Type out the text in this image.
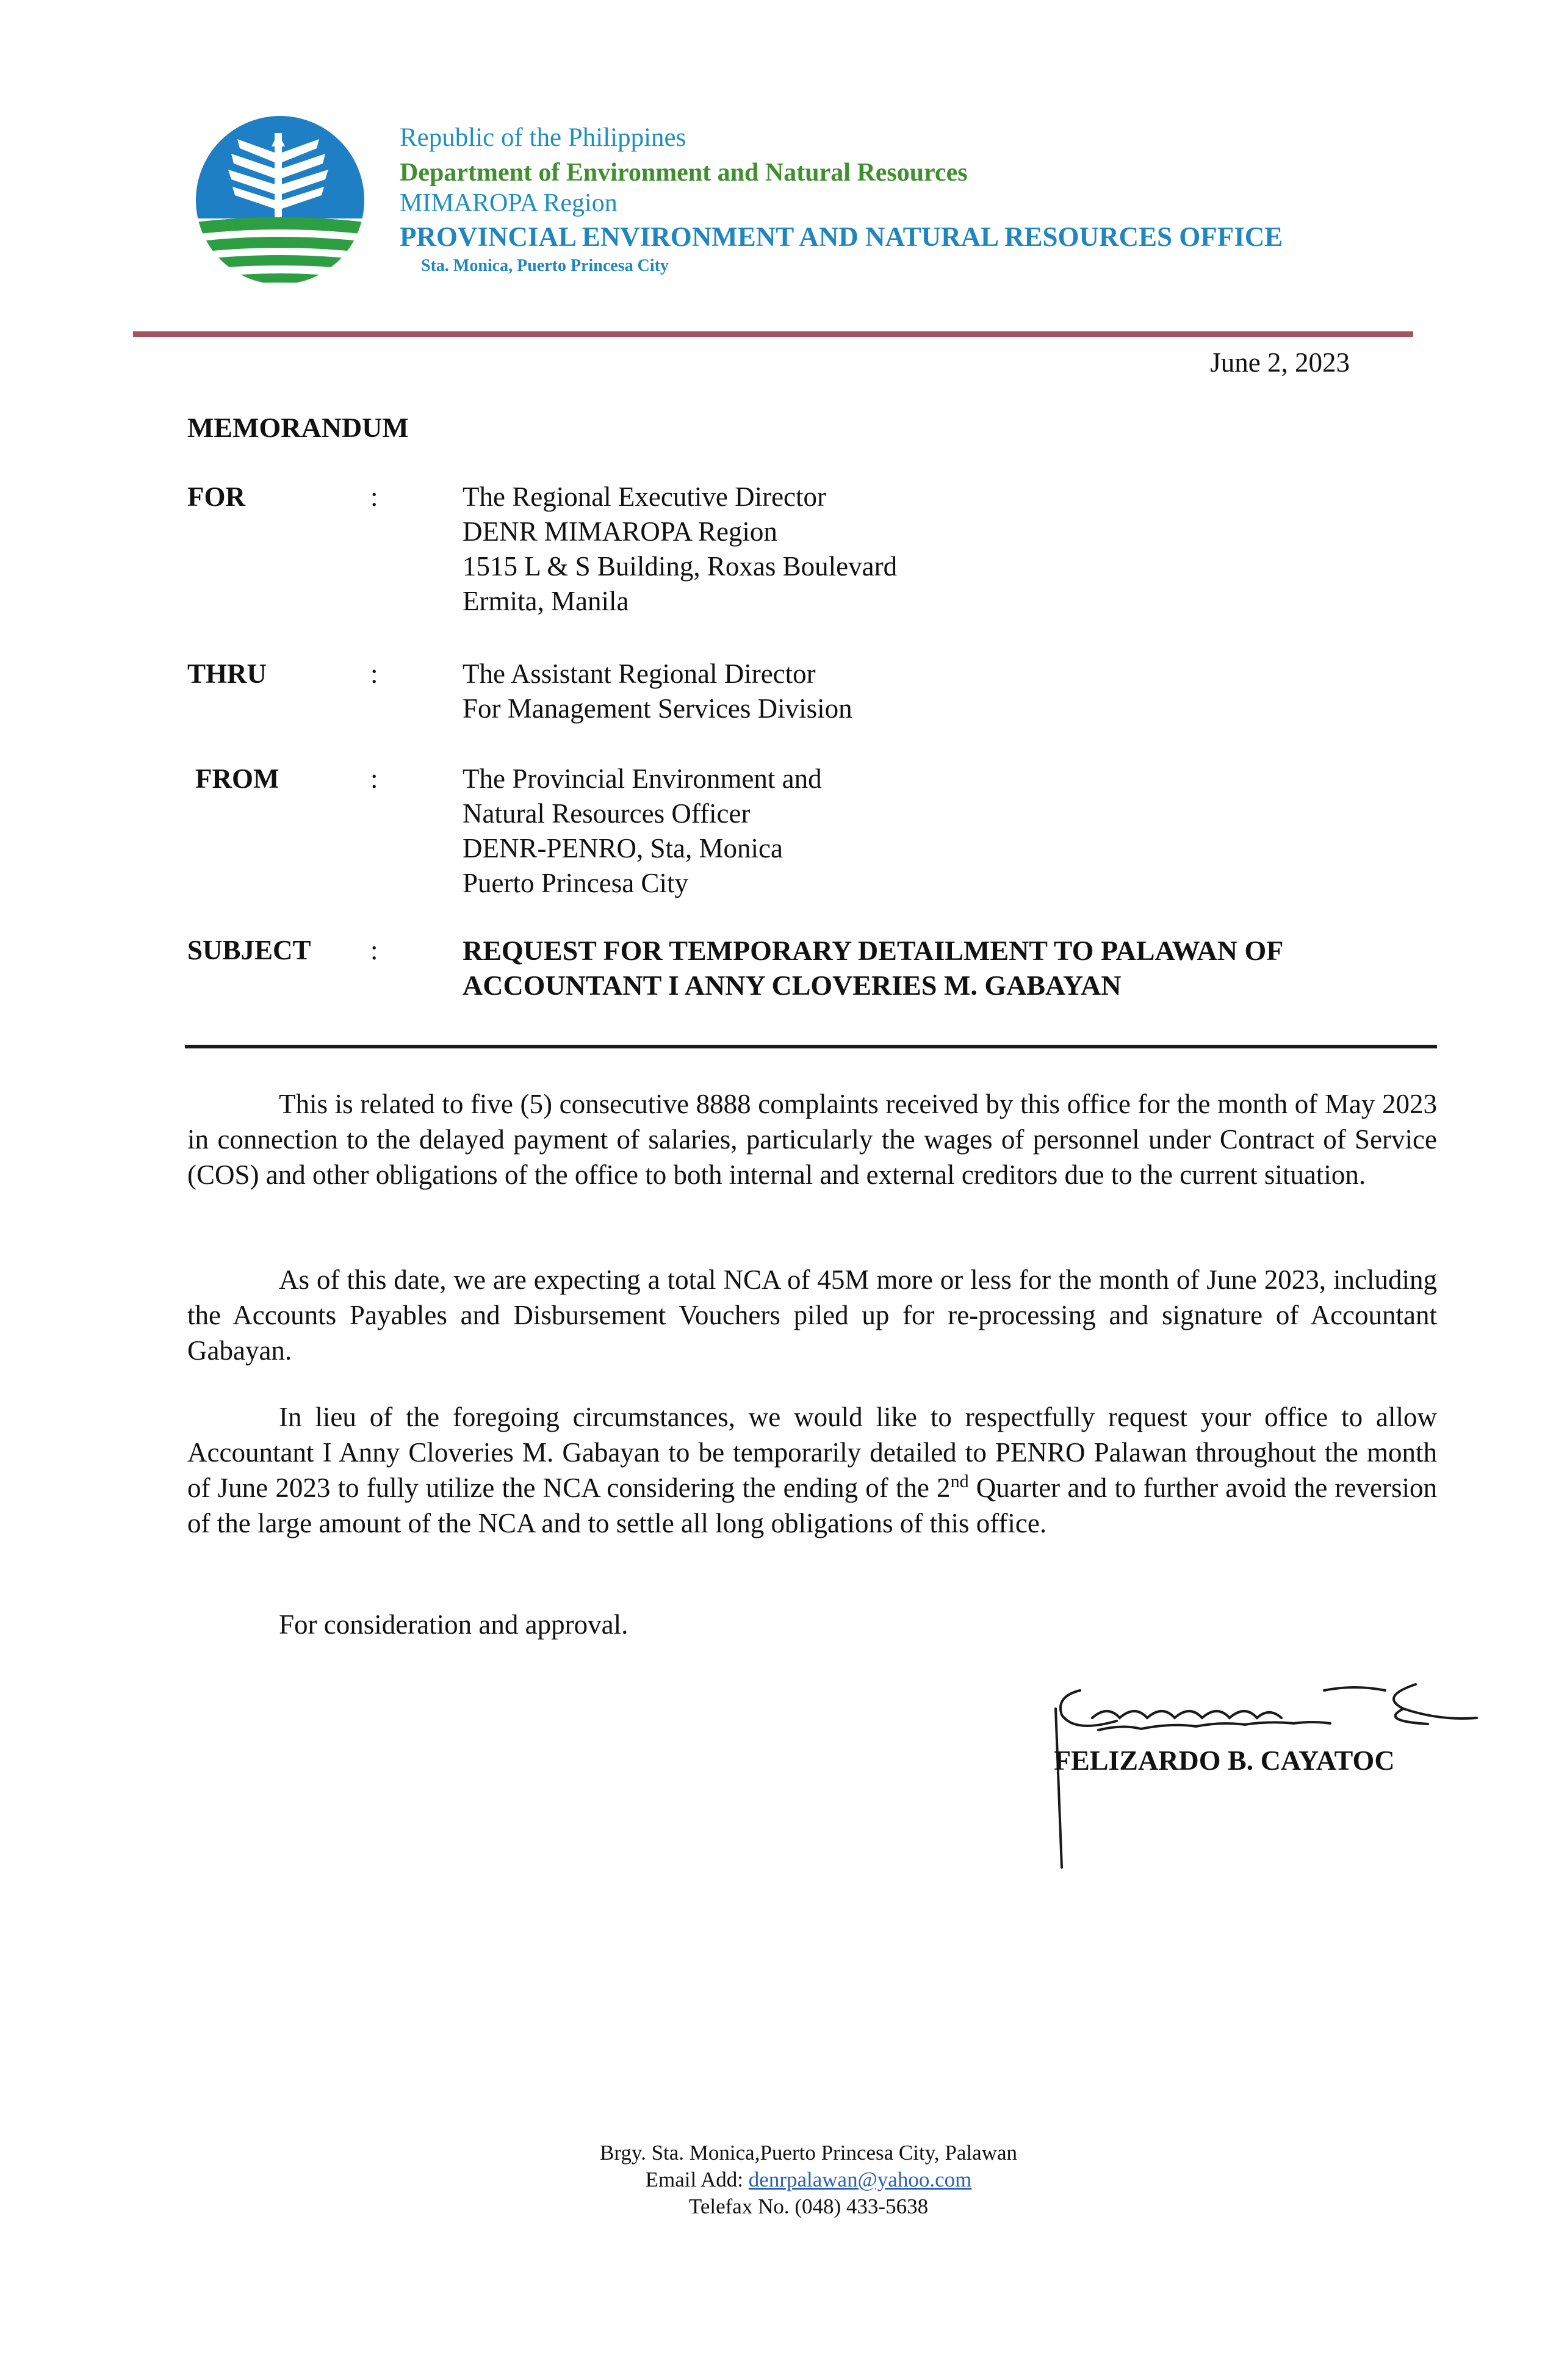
Republic of the Philippines
Department of Environment and Natural Resources
MIMAROPA Region
PROVINCIAL ENVIRONMENT AND NATURAL RESOURCES OFFICE
Sta. Monica, Puerto Princesa City
June 2, 2023
MEMORANDUM
FOR	:	The Regional Executive Director
DENR MIMAROPA Region
1515 L & S Building, Roxas Boulevard
Ermita, Manila
THRU	:	The Assistant Regional Director
For Management Services Division
FROM	:	The Provincial Environment and
Natural Resources Officer
DENR-PENRO, Sta, Monica
Puerto Princesa City
SUBJECT :	REQUEST FOR TEMPORARY DETAILMENT TO PALAWAN OF
ACCOUNTANT I ANNY CLOVERIES M. GABAYAN
This is related to five (5) consecutive 8888 complaints received by this office for the month of May 2023 in connection to the delayed payment of salaries, particularly the wages of personnel under Contract of Service (COS) and other obligations of the office to both internal and external creditors due to the current situation.
As of this date, we are expecting a total NCA of 45M more or less for the month of June 2023, including the Accounts Payables and Disbursement Vouchers piled up for re-processing and signature of Accountant Gabayan.
In lieu of the foregoing circumstances, we would like to respectfully request your office to allow Accountant I Anny Cloveries M. Gabayan to be temporarily detailed to PENRO Palawan throughout the month of June 2023 to fully utilize the NCA considering the ending of the 2nd Quarter and to further avoid the reversion of the large amount of the NCA and to settle all long obligations of this office.
For consideration and approval.
FELIZARDO B. CAYATOC
Brgy. Sta. Monica,Puerto Princesa City, Palawan
Email Add: denrpalawan@yahoo.com
Telefax No. (048) 433-5638
